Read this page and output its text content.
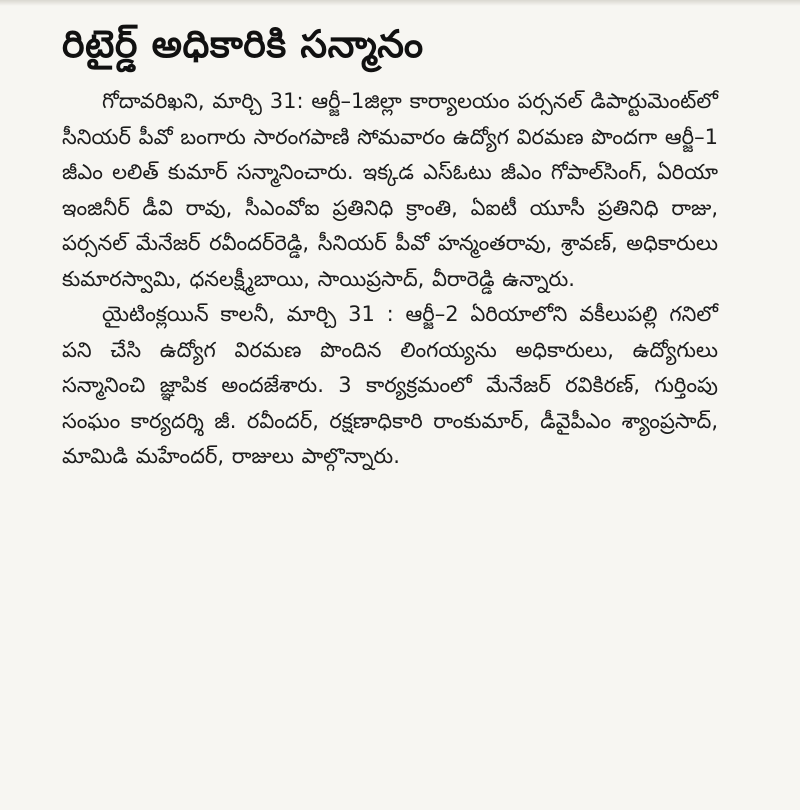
రిటైర్డ్ అధికారికి సన్మానం

గోదావరిఖని, మార్చి 31: ఆర్జీ–1జిల్లా కార్యాలయం పర్సనల్ డిపార్టుమెంట్‌లో సీనియర్ పీవో బంగారు సారంగపాణి సోమవారం ఉద్యోగ విరమణ పొందగా ఆర్జీ–1 జీఎం లలిత్ కుమార్ సన్మానించారు. ఇక్కడ ఎస్ఓటు జీఎం గోపాల్‌సింగ్, ఏరియా ఇంజినీర్ డీవి రావు, సీఎంవోఐ ప్రతినిధి క్రాంతి, ఏఐటీ యూసీ ప్రతినిధి రాజు, పర్సనల్ మేనేజర్ రవీందర్‌రెడ్డి, సీనియర్ పీవో హన్మంతరావు, శ్రావణ్, అధికారులు కుమారస్వామి, ధనలక్ష్మీబాయి, సాయిప్రసాద్, వీరారెడ్డి ఉన్నారు.

యైటింక్లయిన్ కాలనీ, మార్చి 31 : ఆర్జీ–2 ఏరియాలోని వకీలుపల్లి గనిలో పని చేసి ఉద్యోగ విరమణ పొందిన లింగయ్యను అధికారులు, ఉద్యోగులు సన్మానించి జ్ఞాపిక అందజేశారు. 3 కార్యక్రమంలో మేనేజర్ రవికిరణ్, గుర్తింపు సంఘం కార్యదర్శి జీ. రవీందర్, రక్షణాధికారి రాంకుమార్, డీవైపీఎం శ్యాంప్రసాద్, మామిడి మహేందర్, రాజులు పాల్గొన్నారు.
